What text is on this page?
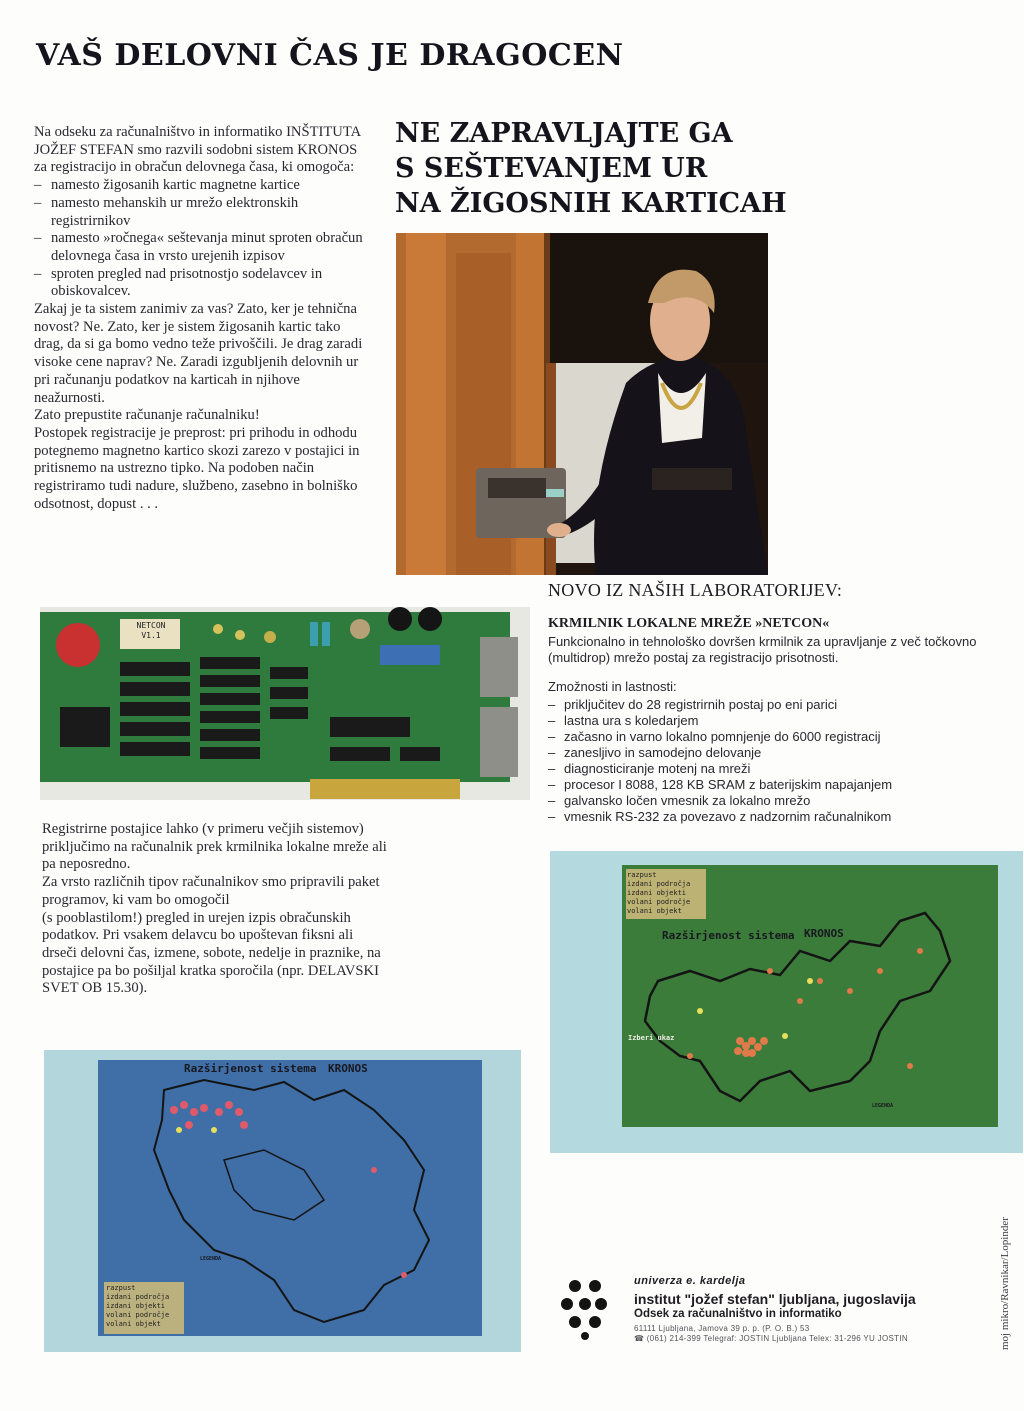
VAŠ DELOVNI ČAS JE DRAGOCEN

Na odseku za računalništvo in informatiko INŠTITUTA JOŽEF STEFAN smo razvili sodobni sistem KRONOS za registracijo in obračun delovnega časa, ki omogoča:

– namesto žigosanih kartic magnetne kartice
– namesto mehanskih ur mrežo elektronskih registrirnikov
– namesto »ročnega« seštevanja minut sproten obračun delovnega časa in vrsto urejenih izpisov
– sproten pregled nad prisotnostjo sodelavcev in obiskovalcev.

Zakaj je ta sistem zanimiv za vas? Zato, ker je tehnična novost? Ne. Zato, ker je sistem žigosanih kartic tako drag, da si ga bomo vedno teže privoščili. Je drag zaradi visoke cene naprav? Ne. Zaradi izgubljenih delovnih ur pri računanju podatkov na karticah in njihove neažurnosti.

Zato prepustite računanje računalniku!

Postopek registracije je preprost: pri prihodu in odhodu potegnemo magnetno kartico skozi zarezo v postajici in pritisnemo na ustrezno tipko. Na podoben način registriramo tudi nadure, službeno, zasebno in bolniško odsotnost, dopust . . .

NE ZAPRAVLJAJTE GA
S SEŠTEVANJEM UR
NA ŽIGOSNIH KARTICAH
NETCON
V1.1

Registrirne postajice lahko (v primeru večjih sistemov) priključimo na računalnik prek krmilnika lokalne mreže ali pa neposredno.

Za vrsto različnih tipov računalnikov smo pripravili paket programov, ki vam bo omogočil

(s pooblastilom!) pregled in urejen izpis obračunskih podatkov. Pri vsakem delavcu bo upoštevan fiksni ali drseči delovni čas, izmene, sobote, nedelje in praznike, na postajice pa bo pošiljal kratka sporočila (npr. DELAVSKI SVET OB 15.30).

NOVO IZ NAŠIH LABORATORIJEV:
KRMILNIK LOKALNE MREŽE »NETCON«

Funkcionalno in tehnološko dovršen krmilnik za upravljanje z več točkovno (multidrop) mrežo postaj za registracijo prisotnosti.

Zmožnosti in lastnosti:

– priključitev do 28 registrirnih postaj po eni parici
– lastna ura s koledarjem
– začasno in varno lokalno pomnjenje do 6000 registracij
– zanesljivo in samodejno delovanje
– diagnosticiranje motenj na mreži
– procesor I 8088, 128 KB SRAM z baterijskim napajanjem
– galvansko ločen vmesnik za lokalno mrežo
– vmesnik RS-232 za povezavo z nadzornim računalnikom
Razširjenost sistema KRONOS
Izberi ukaz
LEGENDA
razpust
izdani področja
izdani objekti
volani področje
volani objekt
Razširjenost sistema KRONOS
LEGENDA
razpust
izdani področja
izdani objekti
volani področje
volani objekt
univerza e. kardelja
institut "jožef stefan" ljubljana, jugoslavija
Odsek za računalništvo in informatiko
61111 Ljubljana, Jamova 39 p. p. (P. O. B.) 53
☎ (061) 214-399 Telegraf: JOSTIN Ljubljana Telex: 31-296 YU JOSTIN	moj mikro/Ravnikar/Lopinder
